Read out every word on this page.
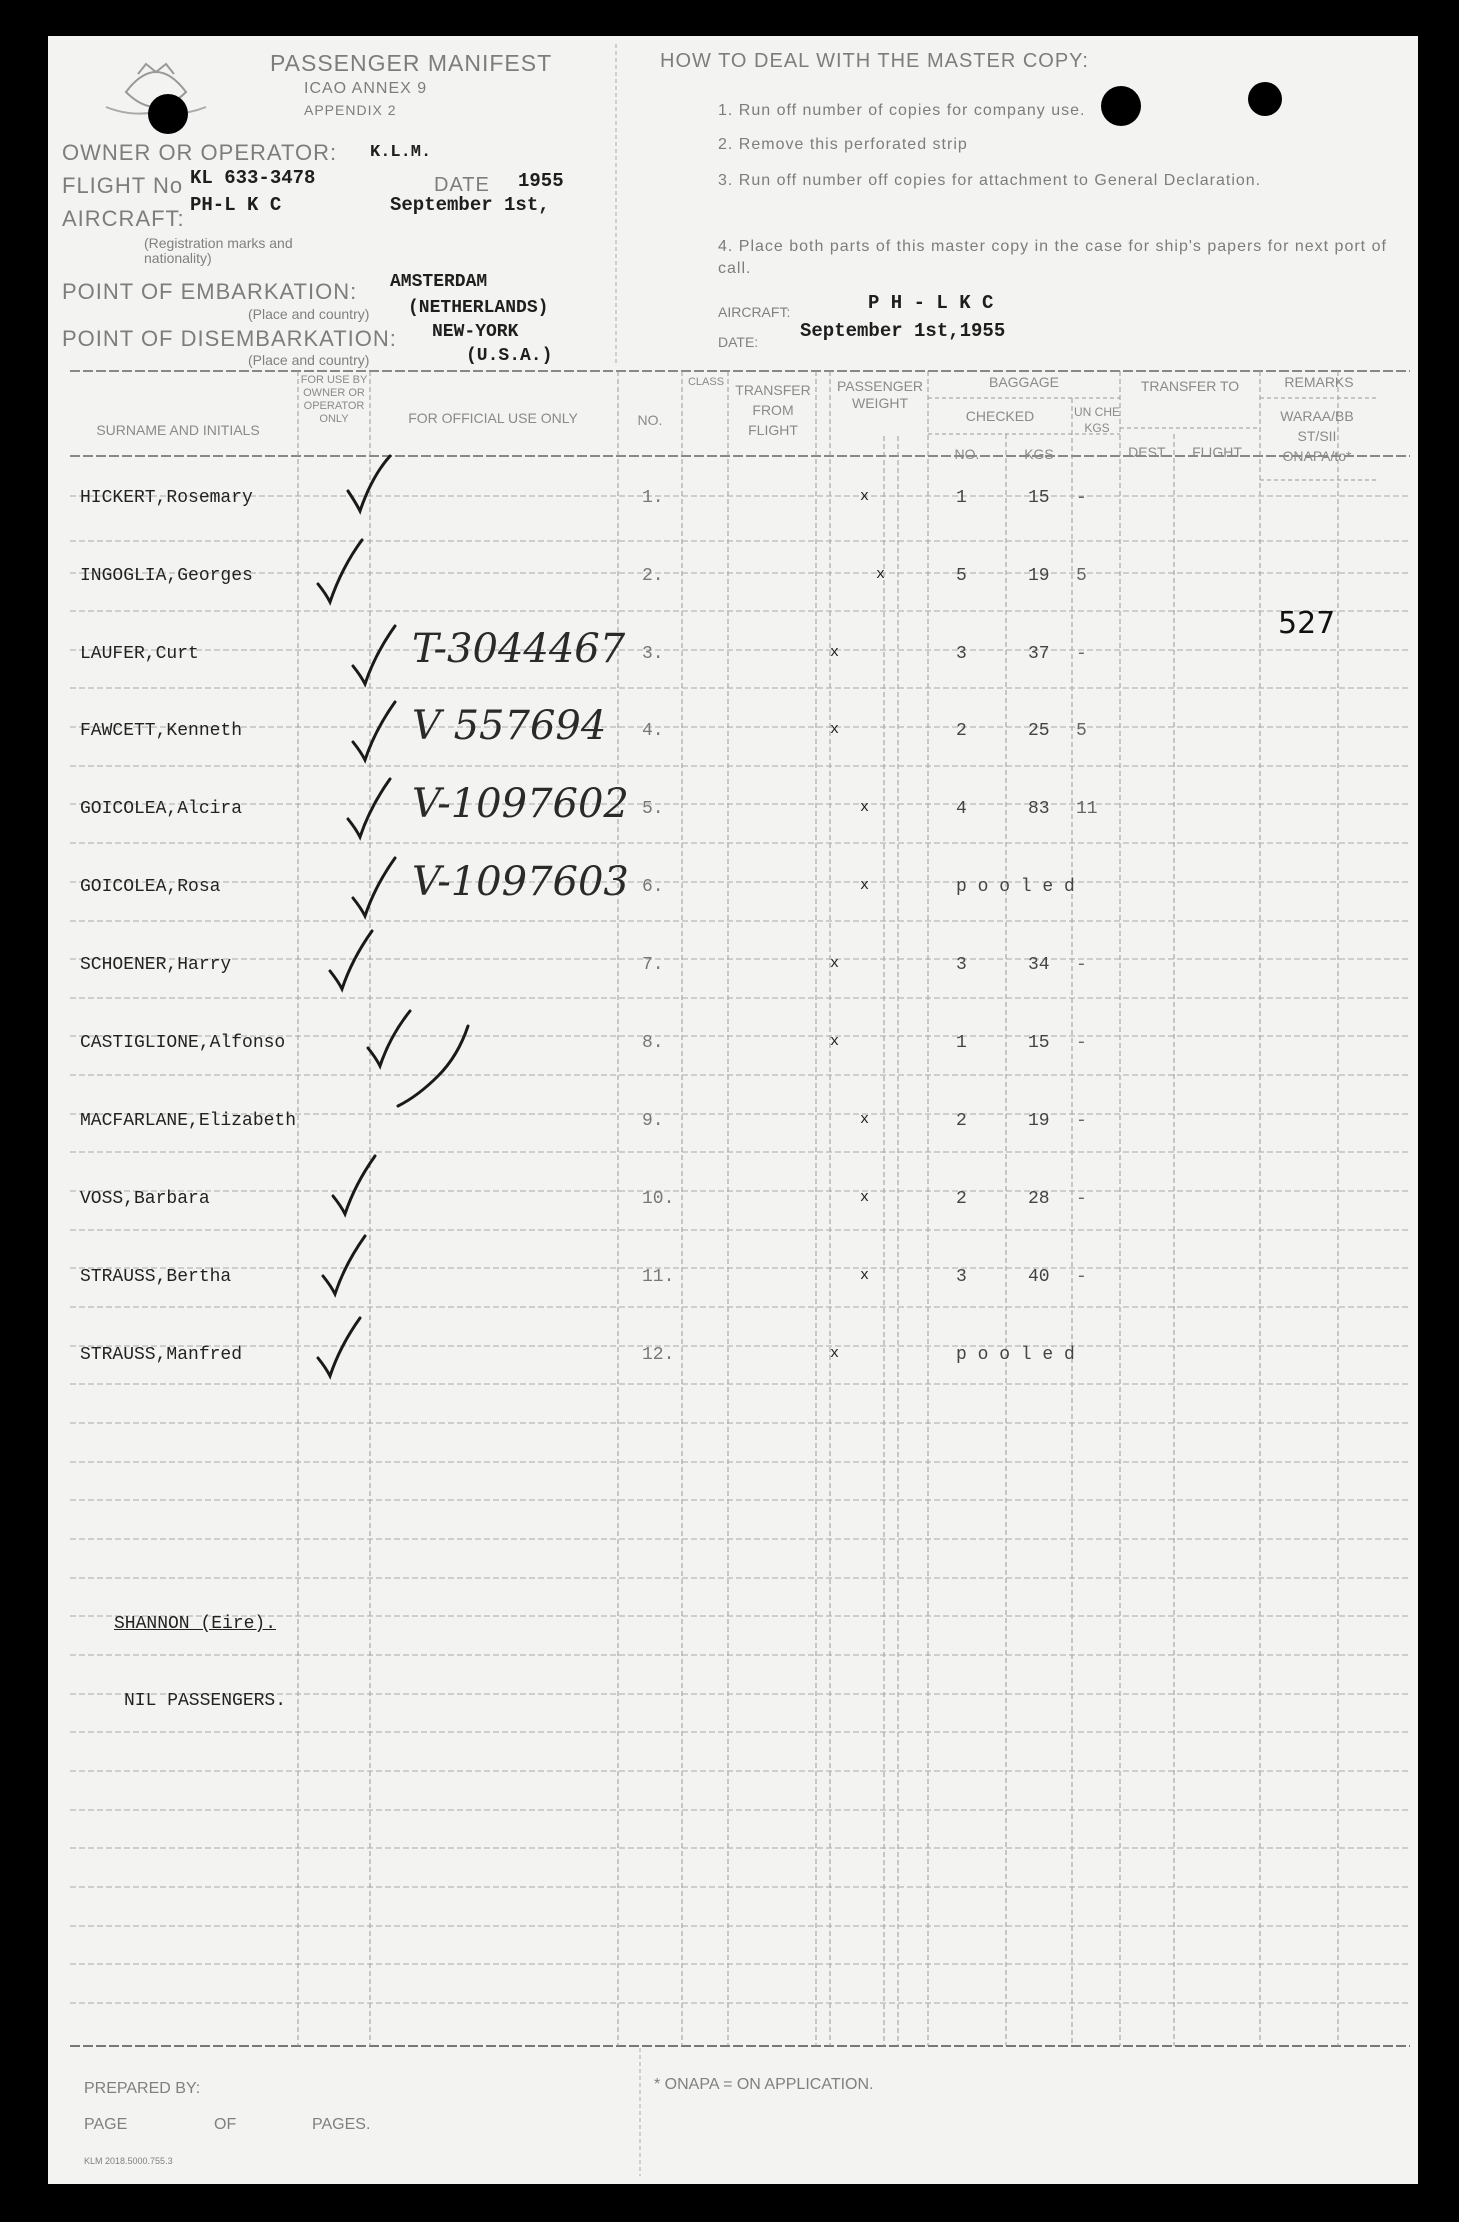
PASSENGER MANIFEST
ICAO ANNEX 9
APPENDIX 2
OWNER OR OPERATOR: K.L.M.
FLIGHT No KL 633-3478	DATE 1955
September 1st,
AIRCRAFT:
PH-L K C
(Registration marks and nationality)
POINT OF EMBARKATION: AMSTERDAM
(Place and country) (NETHERLANDS)
POINT OF DISEMBARKATION: NEW-YORK
(Place and country)	(U.S.A.)
HOW TO DEAL WITH THE MASTER COPY:
1. Run off number of copies for company use.
2. Remove this perforated strip
3. Run off number off copies for attachment to General Declaration.
4. Place both parts of this master copy in the case for ship's papers for next port of call.
AIRCRAFT:	P H - L K C
DATE: September 1st,1955
SURNAME AND INITIALS
FOR USE BY OWNER OR OPERATOR ONLY	FOR OFFICIAL USE ONLY	NO.
CLASS TRANSFER FROM FLIGHT
PASSENGER WEIGHT
BAGGAGE
CHECKED
NO.	KGS
UN CHE KGS
TRANSFER TO
DEST.	FLIGHT
REMARKS
WARAA/BB ST/SII ONAPA/to*
HICKERT,Rosemary	1.	x	1	15 -
INGOGLIA,Georges	2.	x	5	19 5
LAUFER,Curt	T-3044467 3.	x	3	37 -
FAWCETT,Kenneth	V 557694 4.	x	2	25 5
GOICOLEA,Alcira	V-1097602 5.	x	4	83 11
GOICOLEA,Rosa	V-1097603 6.	x	p o o l e d
SCHOENER,Harry	7.	x	3	34 -
CASTIGLIONE,Alfonso	8.	x	1	15 -
MACFARLANE,Elizabeth	9.	x	2	19 -
VOSS,Barbara	10.	x	2	28 -
STRAUSS,Bertha	11.	x	3	40 -
STRAUSS,Manfred	12.	x	p o o l e d
527
SHANNON (Eire).
NIL PASSENGERS.
PREPARED BY:
PAGE	OF	PAGES.
* ONAPA = ON APPLICATION.
KLM 2018.5000.755.3
